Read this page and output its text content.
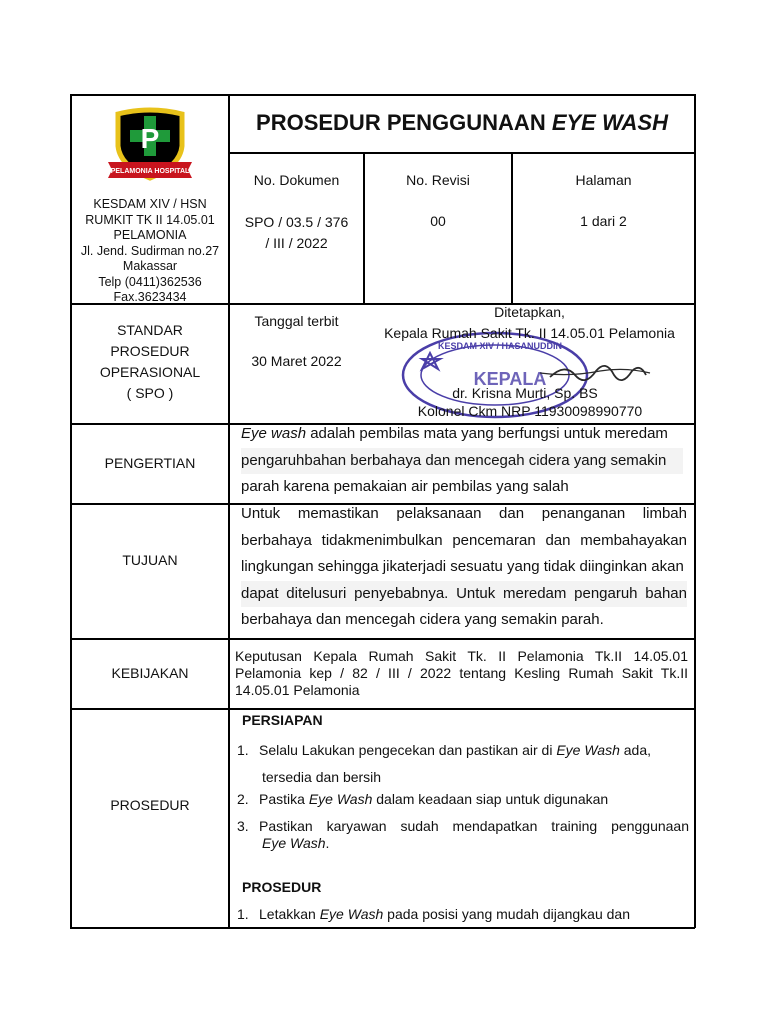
P
PELAMONIA HOSPITAL
KESDAM XIV / HSN
RUMKIT TK II 14.05.01
PELAMONIA
Jl. Jend. Sudirman no.27
Makassar
Telp (0411)362536
Fax.3623434
PROSEDUR PENGGUNAAN EYE WASH
No. Dokumen
SPO / 03.5 / 376
/ III / 2022
No. Revisi
00
Halaman
1 dari 2
STANDAR
PROSEDUR
OPERASIONAL
( SPO )
Tanggal terbit
30 Maret 2022
KESDAM XIV / HASANUDDIN
KEPALA
Ditetapkan,
Kepala Rumah Sakit Tk. II 14.05.01 Pelamonia
dr. Krisna Murti, Sp. BS
Kolonel Ckm NRP 11930098990770
PENGERTIAN
Eye wash adalah pembilas mata yang berfungsi untuk meredam
pengaruhbahan berbahaya dan mencegah cidera yang semakin
parah karena pemakaian air pembilas yang salah
TUJUAN
Untuk memastikan pelaksanaan dan penanganan limbah
berbahaya tidakmenimbulkan pencemaran dan membahayakan
lingkungan sehingga jikaterjadi sesuatu yang tidak diinginkan akan
dapat ditelusuri penyebabnya. Untuk meredam pengaruh bahan
berbahaya dan mencegah cidera yang semakin parah.
KEBIJAKAN
Keputusan Kepala Rumah Sakit Tk. II Pelamonia Tk.II 14.05.01
Pelamonia kep / 82 / III / 2022 tentang Kesling Rumah Sakit Tk.II
14.05.01 Pelamonia
PROSEDUR
PERSIAPAN
1. Selalu Lakukan pengecekan dan pastikan air di Eye Wash ada,
tersedia dan bersih
2. Pastika Eye Wash dalam keadaan siap untuk digunakan
3. Pastikan karyawan sudah mendapatkan training penggunaan
Eye Wash.
PROSEDUR
1. Letakkan Eye Wash pada posisi yang mudah dijangkau dan
